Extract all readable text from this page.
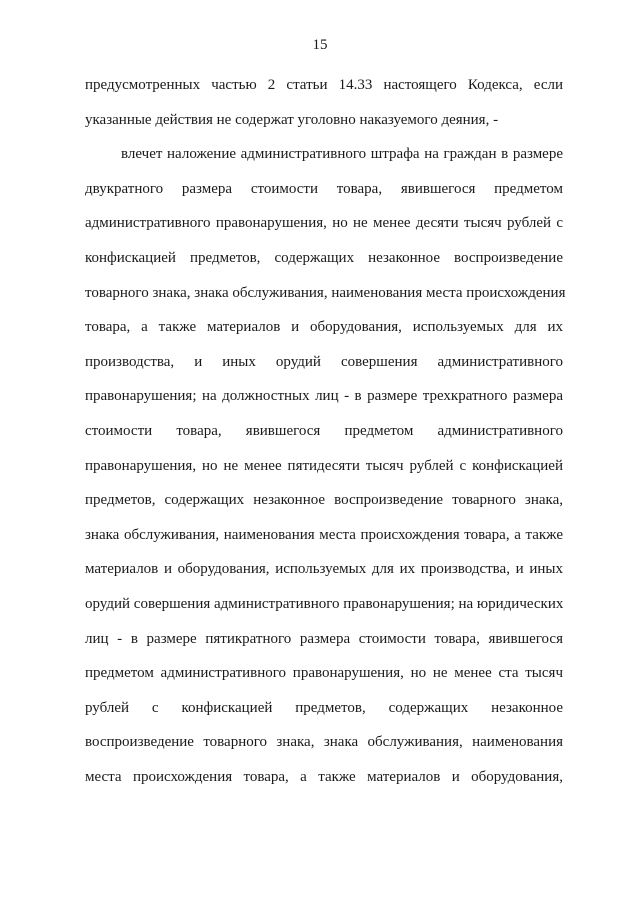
15
предусмотренных частью 2 статьи 14.33 настоящего Кодекса, если
указанные действия не содержат уголовно наказуемого деяния, -
влечет наложение административного штрафа на граждан в размере
двукратного размера стоимости товара, явившегося предметом
административного правонарушения, но не менее десяти тысяч рублей с
конфискацией предметов, содержащих незаконное воспроизведение
товарного знака, знака обслуживания, наименования места происхождения
товара, а также материалов и оборудования, используемых для их
производства, и иных орудий совершения административного
правонарушения; на должностных лиц - в размере трехкратного размера
стоимости товара, явившегося предметом административного
правонарушения, но не менее пятидесяти тысяч рублей с конфискацией
предметов, содержащих незаконное воспроизведение товарного знака,
знака обслуживания, наименования места происхождения товара, а также
материалов и оборудования, используемых для их производства, и иных
орудий совершения административного правонарушения; на юридических
лиц - в размере пятикратного размера стоимости товара, явившегося
предметом административного правонарушения, но не менее ста тысяч
рублей с конфискацией предметов, содержащих незаконное
воспроизведение товарного знака, знака обслуживания, наименования
места происхождения товара, а также материалов и оборудования,
